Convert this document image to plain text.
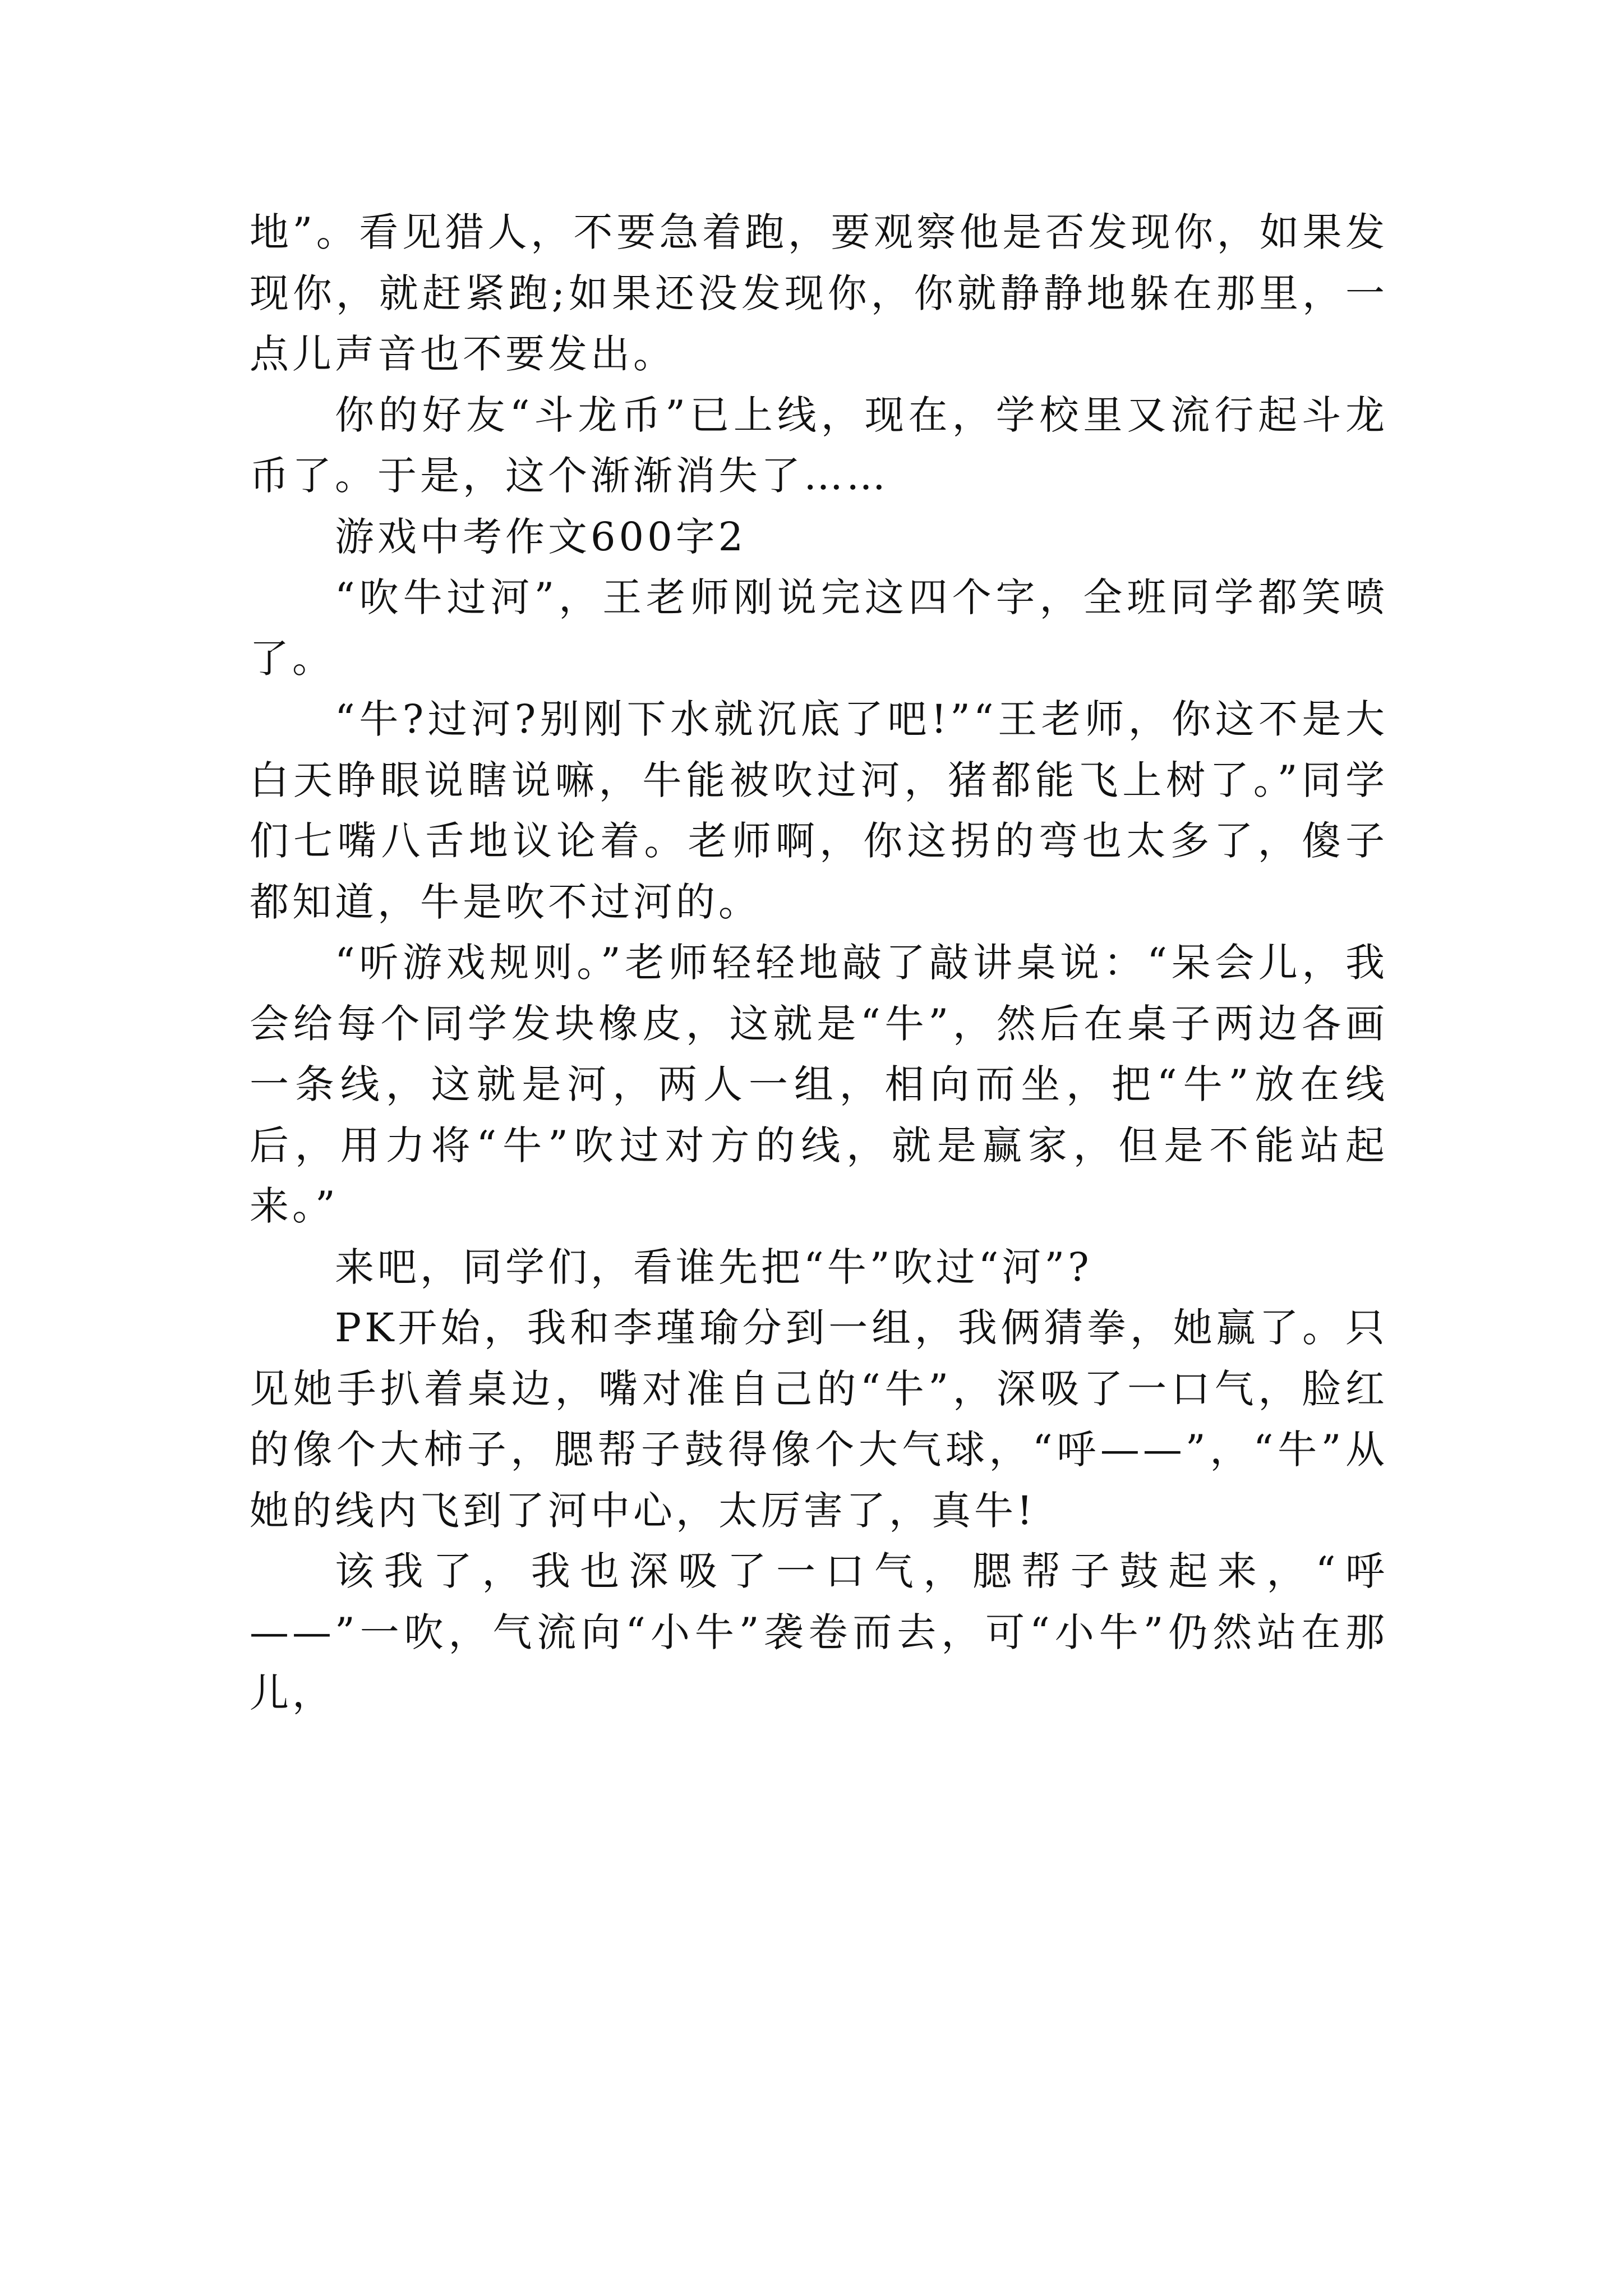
地”。看见猎人，不要急着跑，要观察他是否发现你，如果发现你，就赶紧跑;如果还没发现你，你就静静地躲在那里，一点儿声音也不要发出。

你的好友“斗龙币”已上线，现在，学校里又流行起斗龙币了。于是，这个渐渐消失了……

游戏中考作文600字2

“吹牛过河”，王老师刚说完这四个字，全班同学都笑喷了。

“牛?过河?别刚下水就沉底了吧!”“王老师，你这不是大白天睁眼说瞎说嘛，牛能被吹过河，猪都能飞上树了。”同学们七嘴八舌地议论着。老师啊，你这拐的弯也太多了，傻子都知道，牛是吹不过河的。

“听游戏规则。”老师轻轻地敲了敲讲桌说：“呆会儿，我会给每个同学发块橡皮，这就是“牛”，然后在桌子两边各画一条线，这就是河，两人一组，相向而坐，把“牛”放在线后，用力将“牛”吹过对方的线，就是赢家，但是不能站起来。”

来吧，同学们，看谁先把“牛”吹过“河”?

PK开始，我和李瑾瑜分到一组，我俩猜拳，她赢了。只见她手扒着桌边，嘴对准自己的“牛”，深吸了一口气，脸红的像个大柿子，腮帮子鼓得像个大气球，“呼——”，“牛”从她的线内飞到了河中心，太厉害了，真牛!

该我了，我也深吸了一口气，腮帮子鼓起来，“呼——”一吹，气流向“小牛”袭卷而去，可“小牛”仍然站在那儿，
